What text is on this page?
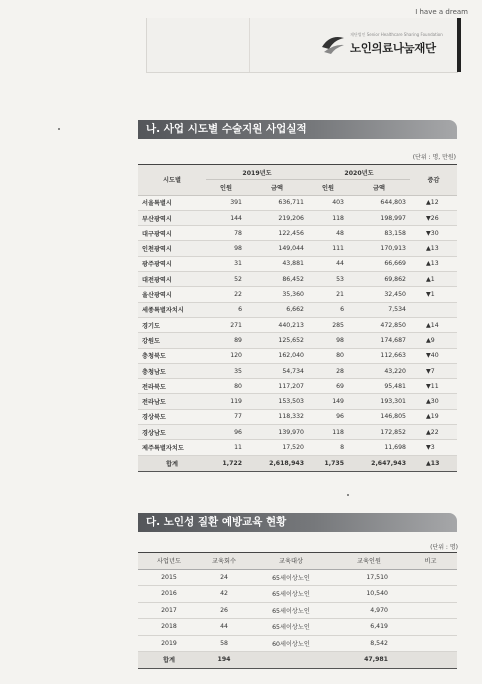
I have a dream
재단법인 Senior Healthcare Sharing Foundation
노인의료나눔재단
나. 사업 시도별 수술지원 사업실적
(단위 : 명, 만원)
시도별	2019년도		2020년도		증감
	인원	금액	인원	금액	
서울특별시	391	636,711	403	644,803	▲12
부산광역시	144	219,206	118	198,997	▼26
대구광역시	78	122,456	48	83,158	▼30
인천광역시	98	149,044	111	170,913	▲13
광주광역시	31	43,881	44	66,669	▲13
대전광역시	52	86,452	53	69,862	▲1
울산광역시	22	35,360	21	32,450	▼1
세종특별자치시	6	6,662	6	7,534	
경기도	271	440,213	285	472,850	▲14
강원도	89	125,652	98	174,687	▲9
충청북도	120	162,040	80	112,663	▼40
충청남도	35	54,734	28	43,220	▼7
전라북도	80	117,207	69	95,481	▼11
전라남도	119	153,503	149	193,301	▲30
경상북도	77	118,332	96	146,805	▲19
경상남도	96	139,970	118	172,852	▲22
제주특별자치도	11	17,520	8	11,698	▼3
합계	1,722	2,618,943	1,735	2,647,943	▲13
다. 노인성 질환 예방교육 현황
(단위 : 명)
사업년도	교육회수	교육대상	교육인원	비고
2015	24	65세이상노인	17,510	
2016	42	65세이상노인	10,540	
2017	26	65세이상노인	4,970	
2018	44	65세이상노인	6,419	
2019	58	60세이상노인	8,542	
합계	194		47,981	
